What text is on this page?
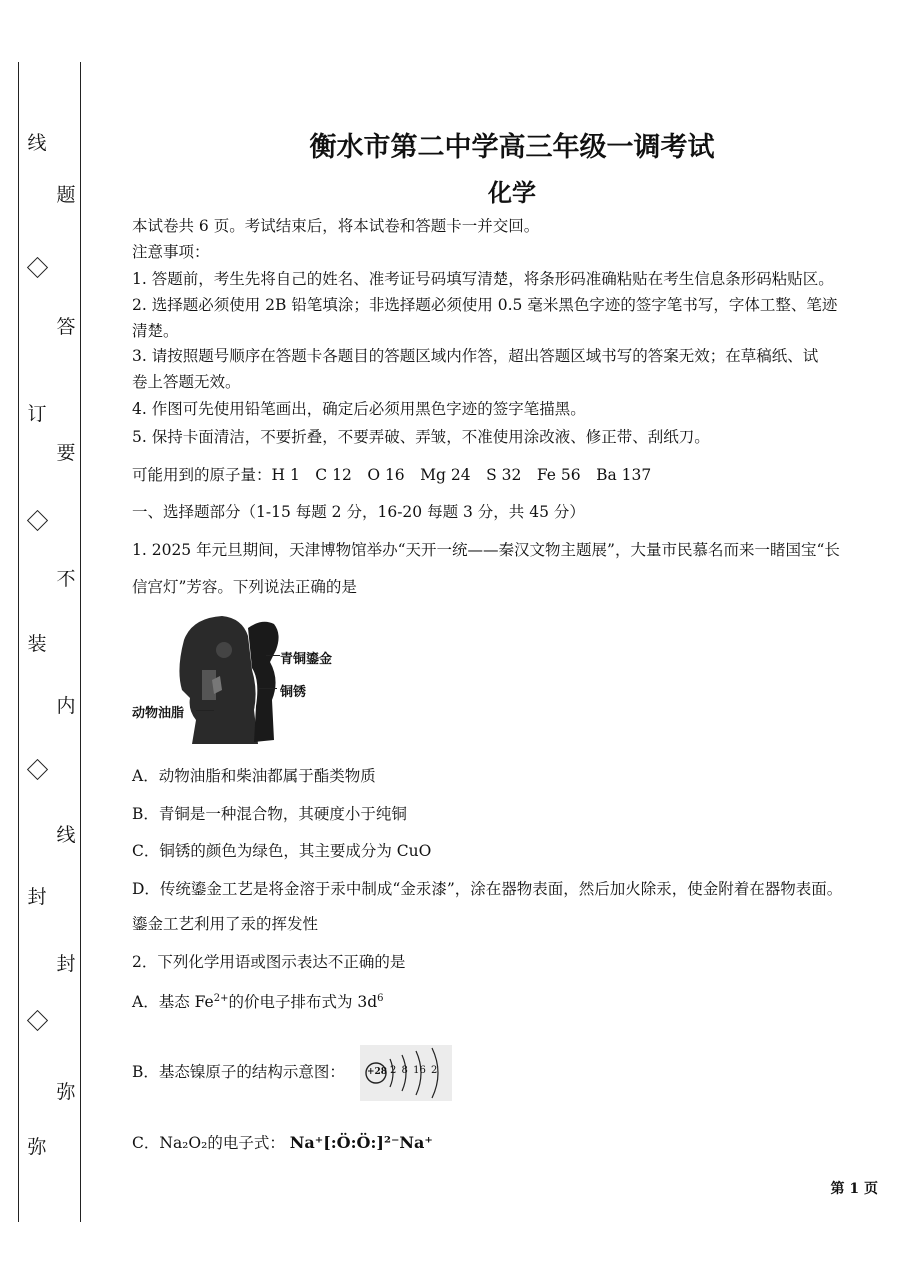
线
订
装
封
弥
题
答
要
不
内
线
封
弥
衡水市第二中学高三年级一调考试
化学
本试卷共 6 页。考试结束后，将本试卷和答题卡一并交回。
注意事项：
1. 答题前，考生先将自己的姓名、准考证号码填写清楚，将条形码准确粘贴在考生信息条形码粘贴区。
2. 选择题必须使用 2B 铅笔填涂；非选择题必须使用 0.5 毫米黑色字迹的签字笔书写，字体工整、笔迹
清楚。
3. 请按照题号顺序在答题卡各题目的答题区域内作答，超出答题区域书写的答案无效；在草稿纸、试
卷上答题无效。
4. 作图可先使用铅笔画出，确定后必须用黑色字迹的签字笔描黑。
5. 保持卡面清洁，不要折叠，不要弄破、弄皱，不准使用涂改液、修正带、刮纸刀。
可能用到的原子量：H 1　C 12　O 16　Mg 24　S 32　Fe 56　Ba 137
一、选择题部分（1-15 每题 2 分，16-20 每题 3 分，共 45 分）
1. 2025 年元旦期间，天津博物馆举办“天开一统——秦汉文物主题展”，大量市民慕名而来一睹国宝“长
信宫灯”芳容。下列说法正确的是
青铜鎏金
铜锈
动物油脂
A．动物油脂和柴油都属于酯类物质
B．青铜是一种混合物，其硬度小于纯铜
C．铜锈的颜色为绿色，其主要成分为 CuO
D．传统鎏金工艺是将金溶于汞中制成“金汞漆”，涂在器物表面，然后加火除汞，使金附着在器物表面。
鎏金工艺利用了汞的挥发性
2．下列化学用语或图示表达不正确的是
A．基态 $Fe^{2+}$的价电子排布式为 $3d^6$
B．基态镍原子的结构示意图： +28 2 8 16 2
C．Na₂O₂的电子式： Na⁺[:Ö:Ö:]²⁻Na⁺
第 1 页
